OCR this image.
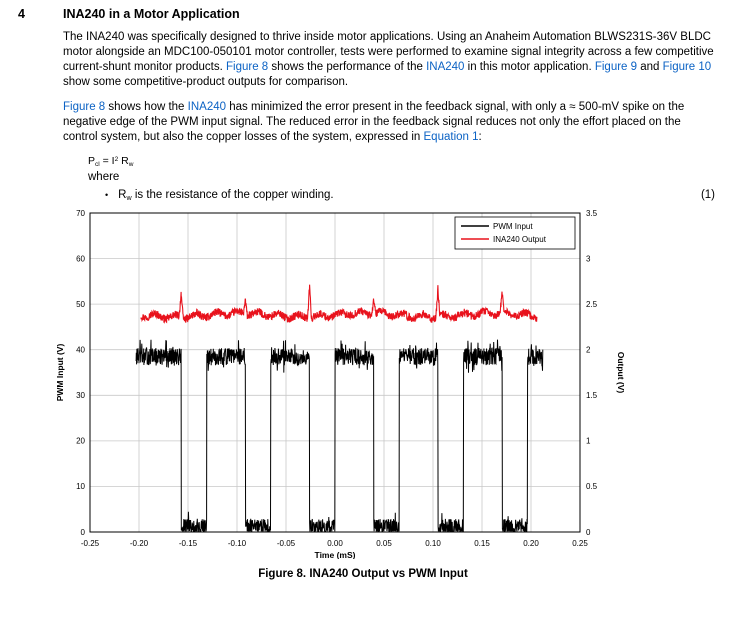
4	INA240 in a Motor Application

The INA240 was specifically designed to thrive inside motor applications. Using an Anaheim Automation BLWS231S-36V BLDC motor alongside an MDC100-050101 motor controller, tests were performed to examine signal integrity across a few competitive current-shunt monitor products. Figure 8 shows the performance of the INA240 in this motor application. Figure 9 and Figure 10 show some competitive-product outputs for comparison.

Figure 8 shows how the INA240 has minimized the error present in the feedback signal, with only a ≈ 500-mV spike on the negative edge of the PWM input signal. The reduced error in the feedback signal reduces not only the effort placed on the control system, but also the copper losses of the system, expressed in Equation 1:

$P_{cl} = I^2$ $R_w$
where
• $R_w$ is the resistance of the copper winding.	(1)
0
10
20
30
40
50
60
70
0
0.5
1
1.5
2
2.5
3
3.5
-0.25	-0.20	-0.15	-0.10	-0.05	0.00	0.05	0.10	0.15	0.20	0.25
PWM Input (V)	Output (V)
Time (mS)
PWM Input
INA240 Output
Figure 8. INA240 Output vs PWM Input
